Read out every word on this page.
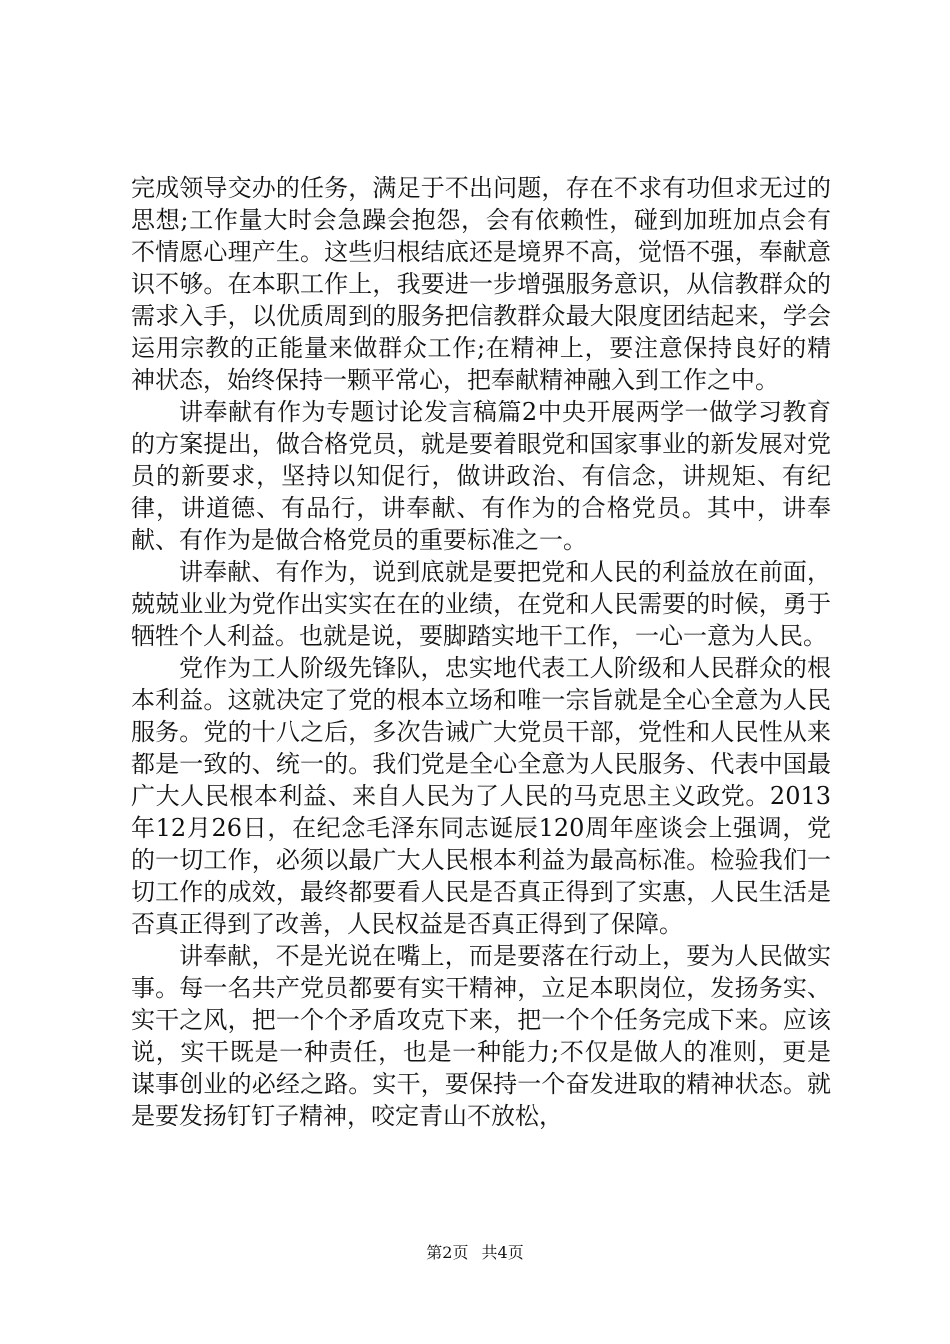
完成领导交办的任务，满足于不出问题，存在不求有功但求无过的思想;工作量大时会急躁会抱怨，会有依赖性，碰到加班加点会有不情愿心理产生。这些归根结底还是境界不高，觉悟不强，奉献意识不够。在本职工作上，我要进一步增强服务意识，从信教群众的需求入手，以优质周到的服务把信教群众最大限度团结起来，学会运用宗教的正能量来做群众工作;在精神上，要注意保持良好的精神状态，始终保持一颗平常心，把奉献精神融入到工作之中。

讲奉献有作为专题讨论发言稿篇2中央开展两学一做学习教育的方案提出，做合格党员，就是要着眼党和国家事业的新发展对党员的新要求，坚持以知促行，做讲政治、有信念，讲规矩、有纪律，讲道德、有品行，讲奉献、有作为的合格党员。其中，讲奉献、有作为是做合格党员的重要标准之一。

讲奉献、有作为，说到底就是要把党和人民的利益放在前面，兢兢业业为党作出实实在在的业绩，在党和人民需要的时候，勇于牺牲个人利益。也就是说，要脚踏实地干工作，一心一意为人民。

党作为工人阶级先锋队，忠实地代表工人阶级和人民群众的根本利益。这就决定了党的根本立场和唯一宗旨就是全心全意为人民服务。党的十八之后，多次告诫广大党员干部，党性和人民性从来都是一致的、统一的。我们党是全心全意为人民服务、代表中国最广大人民根本利益、来自人民为了人民的马克思主义政党。2013年12月26日，在纪念毛泽东同志诞辰120周年座谈会上强调，党的一切工作，必须以最广大人民根本利益为最高标准。检验我们一切工作的成效，最终都要看人民是否真正得到了实惠，人民生活是否真正得到了改善，人民权益是否真正得到了保障。

讲奉献，不是光说在嘴上，而是要落在行动上，要为人民做实事。每一名共产党员都要有实干精神，立足本职岗位，发扬务实、实干之风，把一个个矛盾攻克下来，把一个个任务完成下来。应该说，实干既是一种责任，也是一种能力;不仅是做人的准则，更是谋事创业的必经之路。实干，要保持一个奋发进取的精神状态。就是要发扬钉钉子精神，咬定青山不放松，

第2页 共4页
